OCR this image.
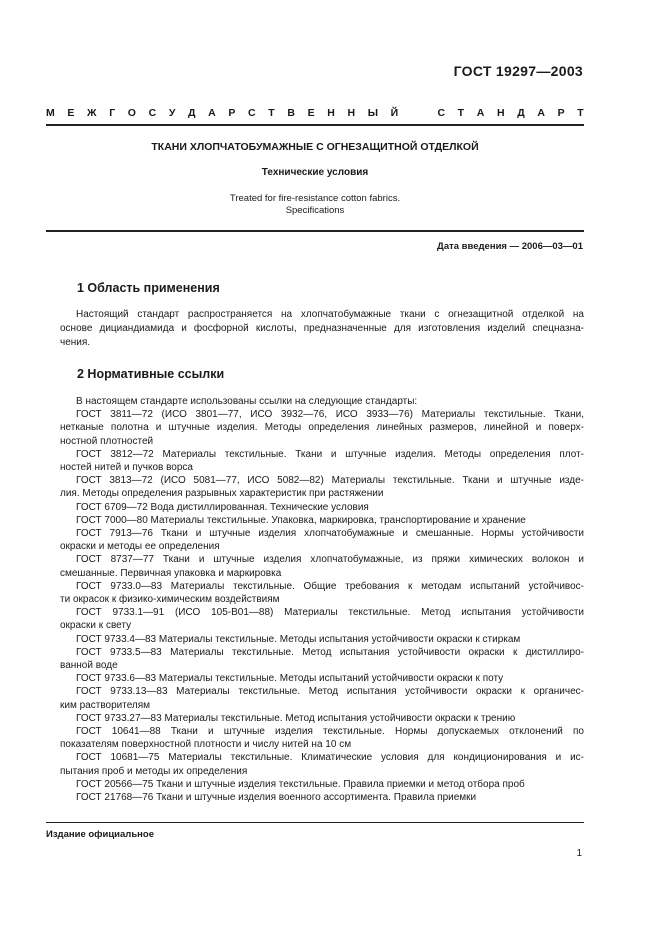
ГОСТ 19297—2003
М Е Ж Г О С У Д А Р С Т В Е Н Н Ы Й	С Т А Н Д А Р Т
ТКАНИ ХЛОПЧАТОБУМАЖНЫЕ С ОГНЕЗАЩИТНОЙ ОТДЕЛКОЙ
Технические условия
Treated for fire-resistance cotton fabrics.
Specifications
Дата введения — 2006—03—01
1 Область применения
Настоящий стандарт распространяется на хлопчатобумажные ткани с огнезащитной отделкой на
основе дициандиамида и фосфорной кислоты, предназначенные для изготовления изделий спецназна-
чения.
2 Нормативные ссылки
В настоящем стандарте использованы ссылки на следующие стандарты:
ГОСТ 3811—72 (ИСО 3801—77, ИСО 3932—76, ИСО 3933—76) Материалы текстильные. Ткани,
нетканые полотна и штучные изделия. Методы определения линейных размеров, линейной и поверх-
ностной плотностей
ГОСТ 3812—72 Материалы текстильные. Ткани и штучные изделия. Методы определения плот-
ностей нитей и пучков ворса
ГОСТ 3813—72 (ИСО 5081—77, ИСО 5082—82) Материалы текстильные. Ткани и штучные изде-
лия. Методы определения разрывных характеристик при растяжении
ГОСТ 6709—72 Вода дистиллированная. Технические условия
ГОСТ 7000—80 Материалы текстильные. Упаковка, маркировка, транспортирование и хранение
ГОСТ 7913—76 Ткани и штучные изделия хлопчатобумажные и смешанные. Нормы устойчивости
окраски и методы ее определения
ГОСТ 8737—77 Ткани и штучные изделия хлопчатобумажные, из пряжи химических волокон и
смешанные. Первичная упаковка и маркировка
ГОСТ 9733.0—83 Материалы текстильные. Общие требования к методам испытаний устойчивос-
ти окрасок к физико-химическим воздействиям
ГОСТ 9733.1—91 (ИСО 105-В01—88) Материалы текстильные. Метод испытания устойчивости
окраски к свету
ГОСТ 9733.4—83 Материалы текстильные. Методы испытания устойчивости окраски к стиркам
ГОСТ 9733.5—83 Материалы текстильные. Метод испытания устойчивости окраски к дистиллиро-
ванной воде
ГОСТ 9733.6—83 Материалы текстильные. Методы испытаний устойчивости окраски к поту
ГОСТ 9733.13—83 Материалы текстильные. Метод испытания устойчивости окраски к органичес-
ким растворителям
ГОСТ 9733.27—83 Материалы текстильные. Метод испытания устойчивости окраски к трению
ГОСТ 10641—88 Ткани и штучные изделия текстильные. Нормы допускаемых отклонений по
показателям поверхностной плотности и числу нитей на 10 см
ГОСТ 10681—75 Материалы текстильные. Климатические условия для кондиционирования и ис-
пытания проб и методы их определения
ГОСТ 20566—75 Ткани и штучные изделия текстильные. Правила приемки и метод отбора проб
ГОСТ 21768—76 Ткани и штучные изделия военного ассортимента. Правила приемки
Издание официальное
1
